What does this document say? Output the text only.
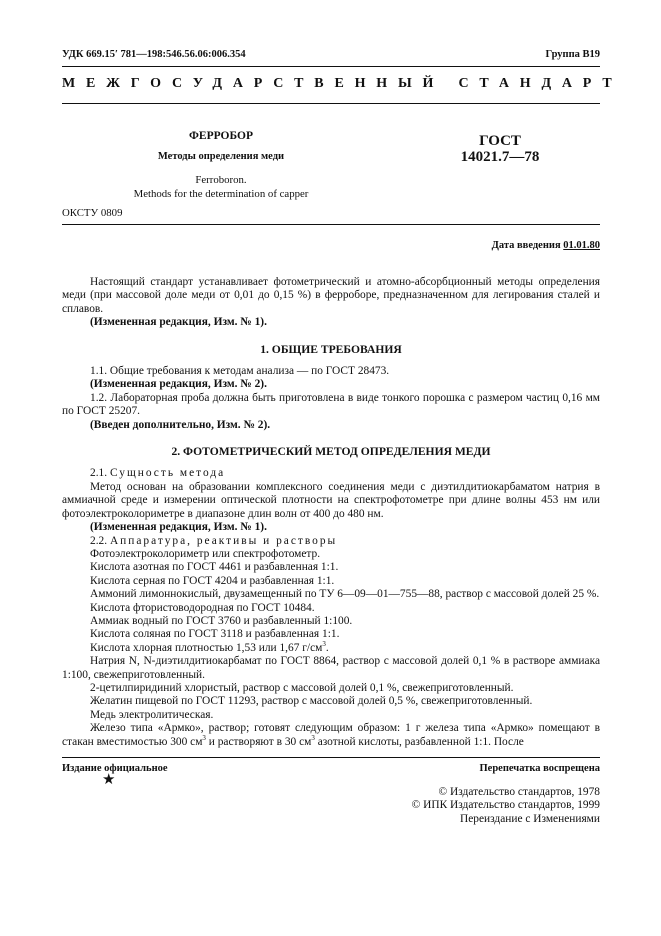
УДК 669.15′ 781—198:546.56.06:006.354	Группа В19
МЕЖГОСУДАРСТВЕННЫЙ СТАНДАРТ
ФЕРРОБОР
Методы определения меди
Ferroboron.
Methods for the determination of capper
ГОСТ
14021.7—78
ОКСТУ 0809
Дата введения 01.01.80

Настоящий стандарт устанавливает фотометрический и атомно-абсорбционный методы определения меди (при массовой доле меди от 0,01 до 0,15 %) в ферроборе, предназначенном для легирования сталей и сплавов.

(Измененная редакция, Изм. № 1).

1. ОБЩИЕ ТРЕБОВАНИЯ

1.1. Общие требования к методам анализа — по ГОСТ 28473.

(Измененная редакция, Изм. № 2).

1.2. Лабораторная проба должна быть приготовлена в виде тонкого порошка с размером частиц 0,16 мм по ГОСТ 25207.

(Введен дополнительно, Изм. № 2).

2. ФОТОМЕТРИЧЕСКИЙ МЕТОД ОПРЕДЕЛЕНИЯ МЕДИ

2.1. Сущность метода

Метод основан на образовании комплексного соединения меди с диэтилдитиокарбаматом натрия в аммиачной среде и измерении оптической плотности на спектрофотометре при длине волны 453 нм или фотоэлектроколориметре в диапазоне длин волн от 400 до 480 нм.

(Измененная редакция, Изм. № 1).

2.2. Аппаратура, реактивы и растворы

Фотоэлектроколориметр или спектрофотометр.

Кислота азотная по ГОСТ 4461 и разбавленная 1:1.

Кислота серная по ГОСТ 4204 и разбавленная 1:1.

Аммоний лимоннокислый, двузамещенный по ТУ 6—09—01—755—88, раствор с массовой долей 25 %.

Кислота фтористоводородная по ГОСТ 10484.

Аммиак водный по ГОСТ 3760 и разбавленный 1:100.

Кислота соляная по ГОСТ 3118 и разбавленная 1:1.

Кислота хлорная плотностью 1,53 или 1,67 $г/см^3$.

Натрия N, N-диэтилдитиокарбамат по ГОСТ 8864, раствор с массовой долей 0,1 % в растворе аммиака 1:100, свежеприготовленный.

2-цетилпиридиний хлористый, раствор с массовой долей 0,1 %, свежеприготовленный.

Желатин пищевой по ГОСТ 11293, раствор с массовой долей 0,5 %, свежеприготовленный.

Медь электролитическая.

Железо типа «Армко», раствор; готовят следующим образом: 1 г железа типа «Армко» помещают в стакан вместимостью 300 $см^3$ и растворяют в 30 $см^3$ азотной кислоты, разбавленной 1:1. После

Издание официальное	Перепечатка воспрещена
★
© Издательство стандартов, 1978
© ИПК Издательство стандартов, 1999
Переиздание с Изменениями
